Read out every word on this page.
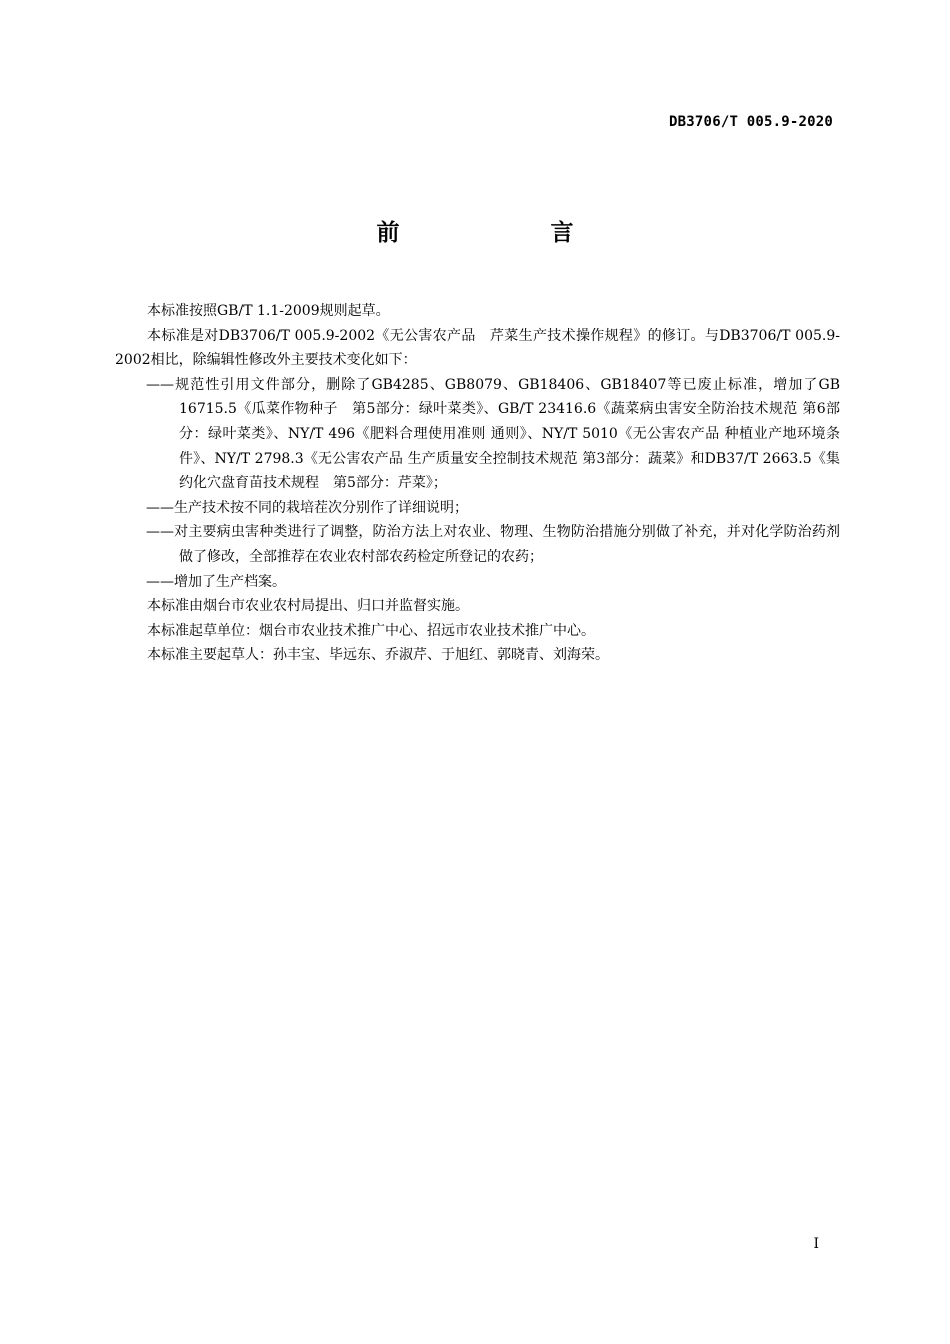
DB3706/T 005.9-2020
前　言

本标准按照GB/T 1.1-2009规则起草。

本标准是对DB3706/T 005.9-2002《无公害农产品　芹菜生产技术操作规程》的修订。与DB3706/T 005.9-2002相比，除编辑性修改外主要技术变化如下：

——规范性引用文件部分，删除了GB4285、GB8079、GB18406、GB18407等已废止标准，增加了GB 16715.5《瓜菜作物种子　第5部分：绿叶菜类》、GB/T 23416.6《蔬菜病虫害安全防治技术规范 第6部分：绿叶菜类》、NY/T 496《肥料合理使用准则 通则》、NY/T 5010《无公害农产品 种植业产地环境条件》、NY/T 2798.3《无公害农产品 生产质量安全控制技术规范 第3部分：蔬菜》和DB37/T 2663.5《集约化穴盘育苗技术规程　第5部分：芹菜》；

——生产技术按不同的栽培茬次分别作了详细说明；

——对主要病虫害种类进行了调整，防治方法上对农业、物理、生物防治措施分别做了补充，并对化学防治药剂做了修改，全部推荐在农业农村部农药检定所登记的农药；

——增加了生产档案。

本标准由烟台市农业农村局提出、归口并监督实施。

本标准起草单位：烟台市农业技术推广中心、招远市农业技术推广中心。

本标准主要起草人：孙丰宝、毕远东、乔淑芹、于旭红、郭晓青、刘海荣。

I
